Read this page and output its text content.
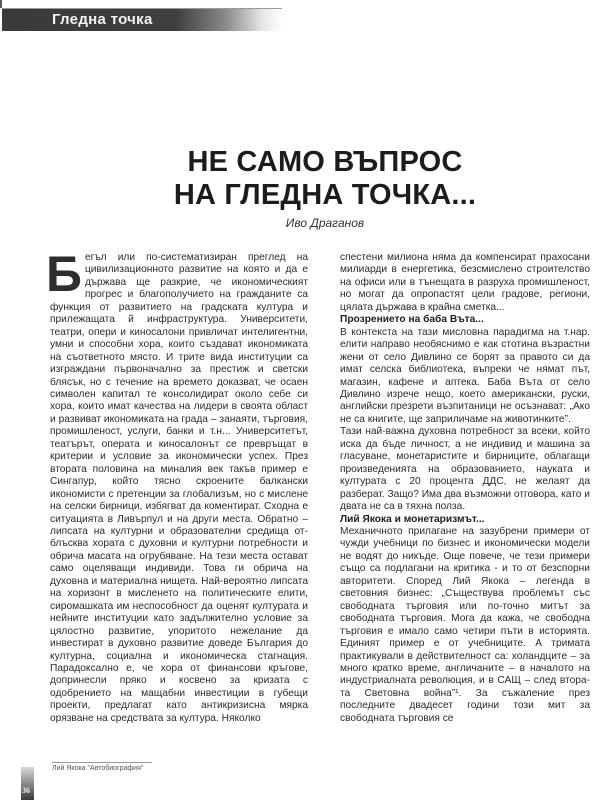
Гледна точка
НЕ САМО ВЪПРОС
НА ГЛЕДНА ТОЧКА...
Иво Драганов

Бегъл или по-систематизиран преглед на цивилизационното развитие на която и да е държава ще разкрие, че икономическият прогрес и благополучието на гражданите са функция от развитието на градската култура и прилежащата й инфраструктура. Университети, театри, опери и киносалони привличат интелигентни, умни и способни хора, които създават икономиката на съответното място. И трите вида институции са изграждани първоначално за престиж и светски блясък, но с течение на времето доказват, че осаен символен капитал те консолидират около себе си хора, които имат качества на лидери в своята област и развиват икономиката на града – занаяти, търговия, промишленост, услуги, банки и т.н... Университетът, театърът, операта и киносалонът се превръщат в критерии и условие за икономически успех. През втората половина на миналия век такъв пример е Сингапур, който тясно скроените балкански икономисти с претенции за глобализъм, но с мислене на селски бирници, избягват да коментират. Сходна е ситуацията в Ливърпул и на други места. Обратно – липсата на културни и образователни средища отблъсква хората с духовни и културни потребности и обрича масата на огрубяване. На тези места остават само оцеляващи индивиди. Това ги обрича на духовна и материална нищета. Най-вероятно липсата на хоризонт в мисленето на политическите елити, сиромашката им неспособност да оценят културата и нейните институции като задължително условие за цялостно развитие, упоритото нежелание да инвестират в духовно развитие доведе България до културна, социална и икономическа стагнация. Парадоксално е, че хора от финансови кръгове, допринесли пряко и косвено за кризата с одобрението на мащабни инвестиции в губещи проекти, предлагат като антикризисна мярка орязване на средствата за култура. Няколко

спестени милиона няма да компенсират прахосани милиарди в енергетика, безсмислено строителство на офиси или в тънещата в разруха промишленост, но могат да опропастят цели градове, региони, цялата държава в крайна сметка...

Прозрението на баба Въта...

В контекста на тази мисловна парадигма на т.нар. елити направо необяснимо е как стотина възрастни жени от село Дивлино се борят за правото си да имат селска библиотека, въпреки че нямат път, магазин, кафене и аптека. Баба Въта от село Дивлино изрече нещо, което американски, руски, английски презрети възпитаници не осъзнават: „Ако не са книгите, ще заприличаме на животинките”.

Тази най-важна духовна потребност за всеки, който иска да бъде личност, а не индивид и машина за гласуване, монетаристите и бирниците, облагащи произведенията на образованието, науката и културата с 20 процента ДДС, не желаят да разберат. Защо? Има два възможни отговора, като и двата не са в тяхна полза.

Лий Якока и монетаризмът...

Механичното прилагане на зазубрени примери от чужди учебници по бизнес и икономически модели не водят до никъде. Още повече, че тези примери също са подлагани на критика - и то от безспорни авторитети. Според Лий Якока – легенда в световния бизнес: „Съществува проблемът със свободната търговия или по-точно митът за свободната търговия. Мога да кажа, че свободна търговия е имало само четири пъти в историята. Единият пример е от учебниците. А тримата практикували в действителност са: холандците – за много кратко време, англичаните – в началото на индустриалната революция, и в САЩ – след втората Световна война”¹. За съжаление през последните двадесет години този мит за свободната търговия се

Лий Якока "Автобиография"
36
